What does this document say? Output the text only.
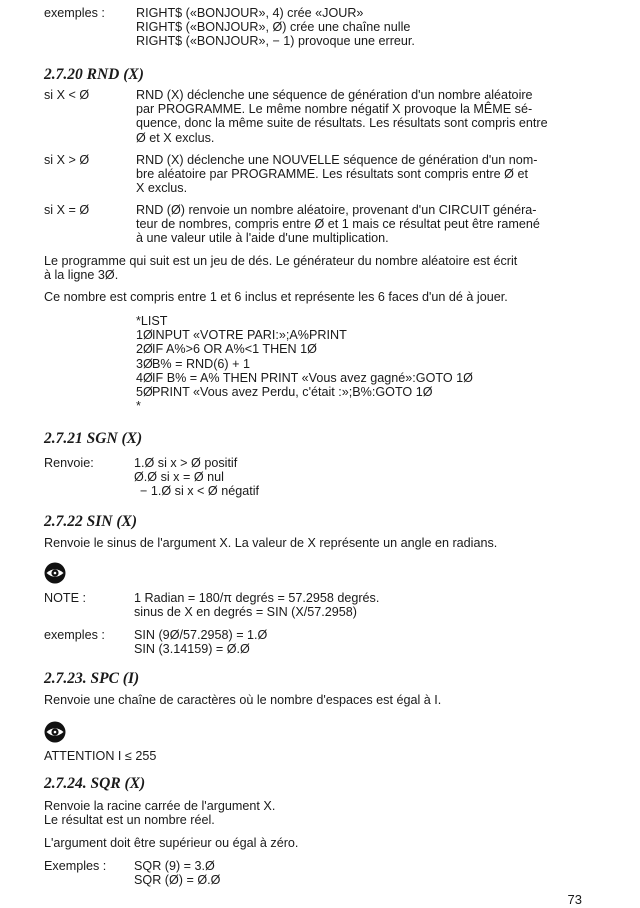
exemples :	RIGHT$ («BONJOUR», 4) crée «JOUR»
RIGHT$ («BONJOUR», Ø) crée une chaîne nulle
RIGHT$ («BONJOUR», − 1) provoque une erreur.
2.7.20 RND (X)
si X < Ø	RND (X) déclenche une séquence de génération d'un nombre aléatoire
par PROGRAMME. Le même nombre négatif X provoque la MÊME sé-
quence, donc la même suite de résultats. Les résultats sont compris entre
Ø et X exclus.
si X > Ø	RND (X) déclenche une NOUVELLE séquence de génération d'un nom-
bre aléatoire par PROGRAMME. Les résultats sont compris entre Ø et
X exclus.
si X = Ø	RND (Ø) renvoie un nombre aléatoire, provenant d'un CIRCUIT généra-
teur de nombres, compris entre Ø et 1 mais ce résultat peut être ramené
à une valeur utile à l'aide d'une multiplication.
Le programme qui suit est un jeu de dés. Le générateur du nombre aléatoire est écrit
à la ligne 3Ø.
Ce nombre est compris entre 1 et 6 inclus et représente les 6 faces d'un dé à jouer.
*LIST
1ØINPUT «VOTRE PARI:»;A%PRINT
2ØIF A%>6 OR A%<1 THEN 1Ø
3ØB% = RND(6) + 1
4ØIF B% = A% THEN PRINT «Vous avez gagné»:GOTO 1Ø
5ØPRINT «Vous avez Perdu, c'était :»;B%:GOTO 1Ø
*
2.7.21 SGN (X)
Renvoie:	1.Ø si x > Ø positif
Ø.Ø si x = Ø nul
− 1.Ø si x < Ø négatif
2.7.22 SIN (X)
Renvoie le sinus de l'argument X. La valeur de X représente un angle en radians.
NOTE :	1 Radian = 180/π degrés = 57.2958 degrés.
sinus de X en degrés = SIN (X/57.2958)
exemples :	SIN (9Ø/57.2958) = 1.Ø
SIN (3.14159) = Ø.Ø
2.7.23. SPC (I)
Renvoie une chaîne de caractères où le nombre d'espaces est égal à I.
ATTENTION I ≤ 255
2.7.24. SQR (X)
Renvoie la racine carrée de l'argument X.
Le résultat est un nombre réel.
L'argument doit être supérieur ou égal à zéro.
Exemples :	SQR (9) = 3.Ø
SQR (Ø) = Ø.Ø
73
